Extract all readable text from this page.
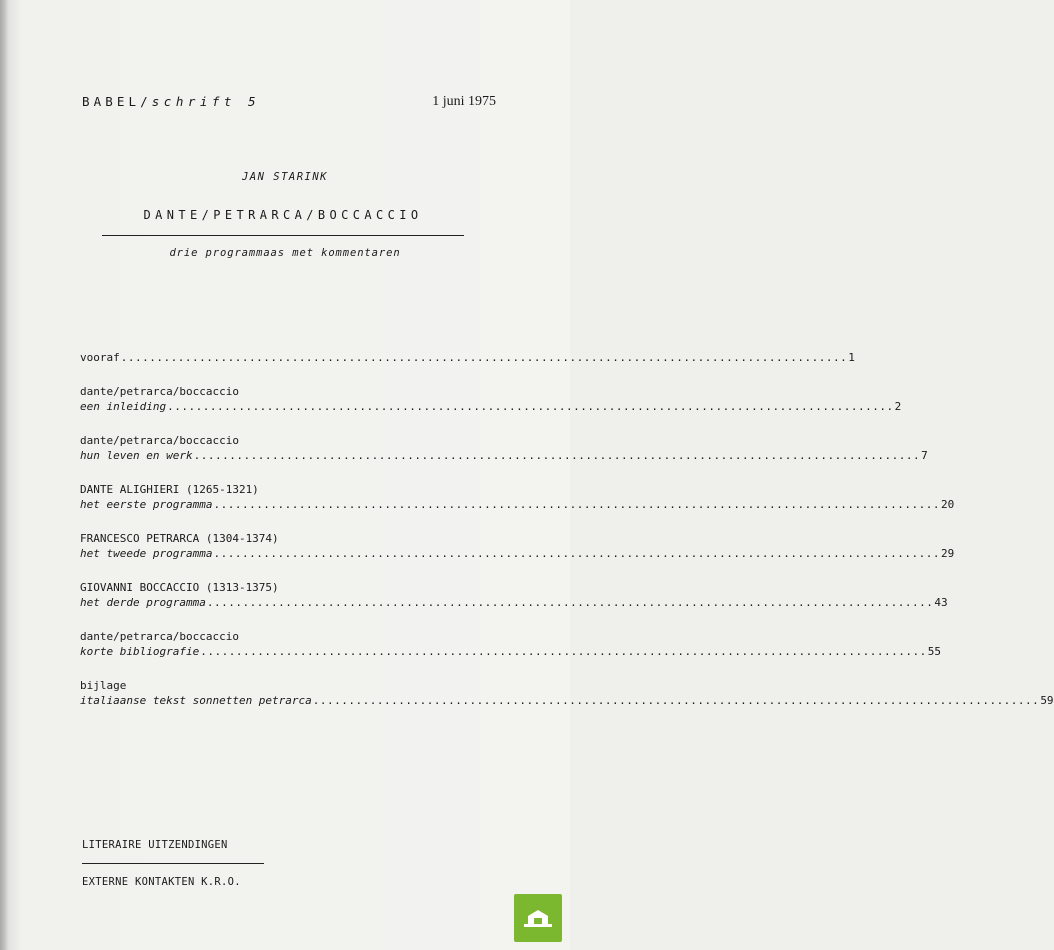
BABEL/schrift 5	1 juni 1975
JAN STARINK
DANTE/PETRARCA/BOCCACCIO
drie programmaas met kommentaren
vooraf ...................................................................................................... 1
dante/petrarca/boccaccio
een inleiding ...................................................................................................... 2
dante/petrarca/boccaccio
hun leven en werk ...................................................................................................... 7
DANTE ALIGHIERI (1265-1321)
het eerste programma ...................................................................................................... 20
FRANCESCO PETRARCA (1304-1374)
het tweede programma ...................................................................................................... 29
GIOVANNI BOCCACCIO (1313-1375)
het derde programma ...................................................................................................... 43
dante/petrarca/boccaccio
korte bibliografie ...................................................................................................... 55
bijlage
italiaanse tekst sonnetten petrarca ...................................................................................................... 59
LITERAIRE UITZENDINGEN
EXTERNE KONTAKTEN K.R.O.
